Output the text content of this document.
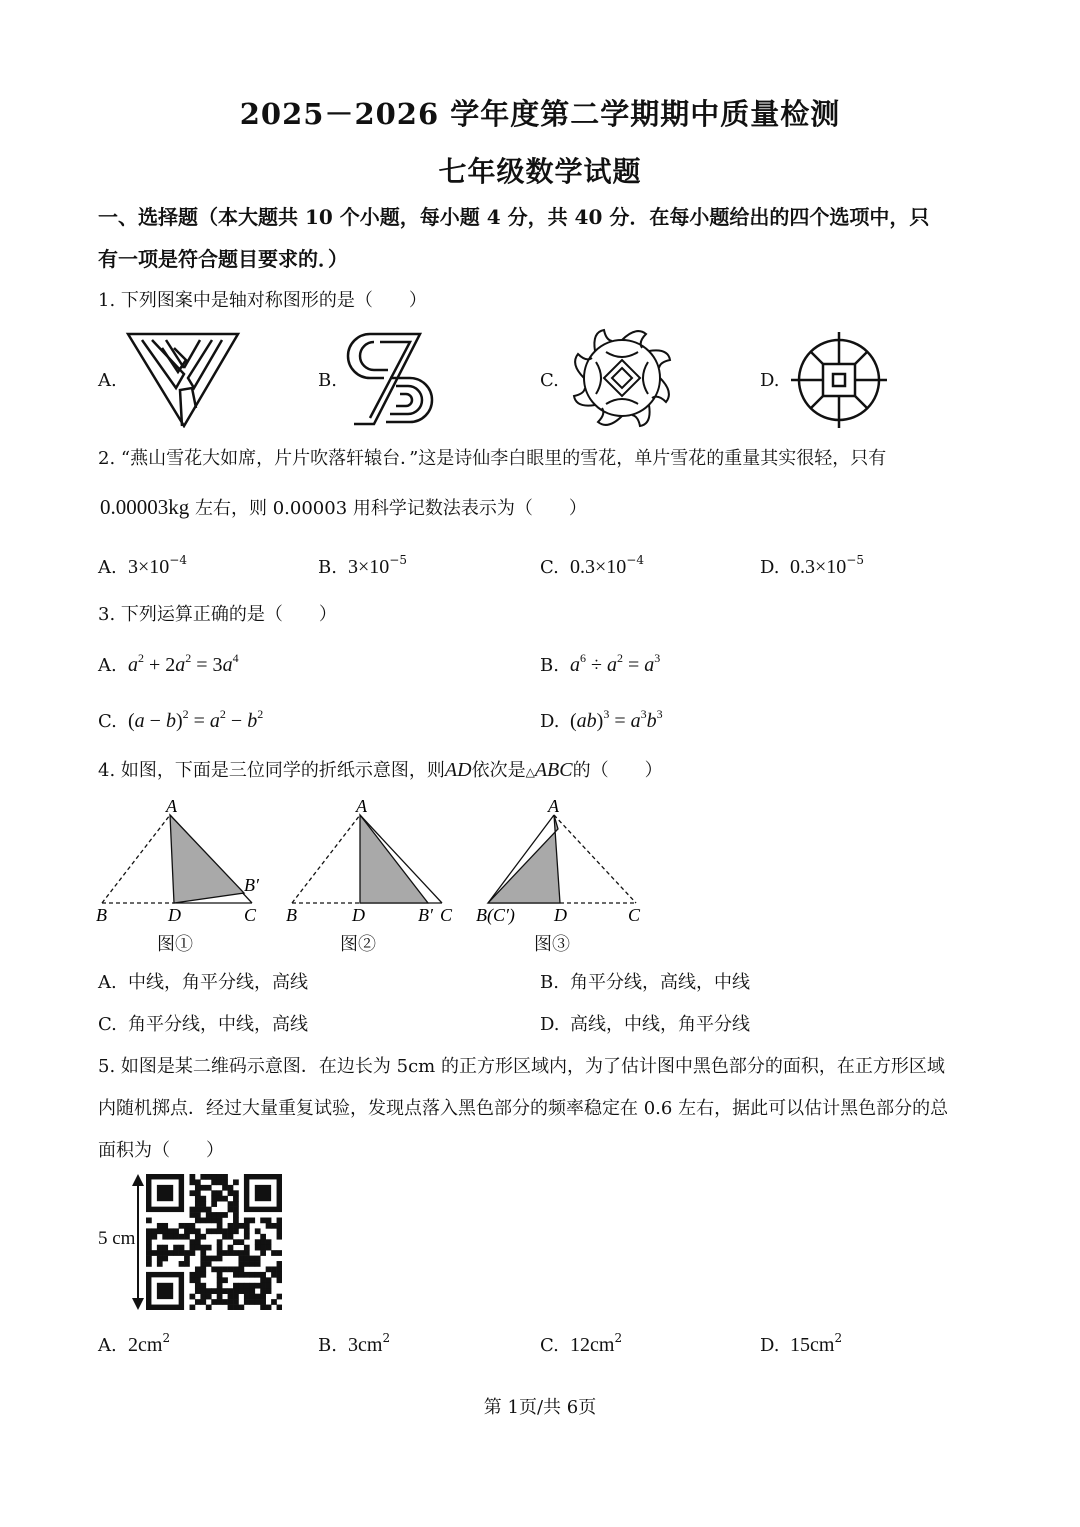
2025－2026 学年度第二学期期中质量检测
七年级数学试题
一、选择题（本大题共 10 个小题，每小题 4 分，共 40 分．在每小题给出的四个选项中，只
有一项是符合题目要求的．）
1. 下列图案中是轴对称图形的是（　　）
A.	B.	C.	D.
2. “燕山雪花大如席，片片吹落轩辕台．”这是诗仙李白眼里的雪花，单片雪花的重量其实很轻，只有
0.00003kg 左右，则 0.00003 用科学记数法表示为（　　）
A. $3\times 10^{-4}$	B. $3\times 10^{-5}$	C. $0.3\times 10^{-4}$	D. $0.3\times 10^{-5}$
3. 下列运算正确的是（　　）
A. $a^2 + 2a^2 = 3a^4$	B. $a^6 \div a^2 = a^3$
C. $(a - b)^2 = a^2 - b^2$	D. $(ab)^3 = a^3b^3$
4. 如图，下面是三位同学的折纸示意图，则AD依次是△ABC的（　　）
A
B	D	C
B′
图①
A
B	D	B′ C
图②
A
B(C′) D	C
图③
A. 中线，角平分线，高线	B. 角平分线，高线，中线
C. 角平分线，中线，高线	D. 高线，中线，角平分线
5. 如图是某二维码示意图．在边长为 5cm 的正方形区域内，为了估计图中黑色部分的面积，在正方形区域
内随机掷点．经过大量重复试验，发现点落入黑色部分的频率稳定在 0.6 左右，据此可以估计黑色部分的总
面积为（　　）
5 cm
A. $2cm^2$	B. $3cm^2$	C. $12cm^2$	D. $15cm^2$
第 1页/共 6页
